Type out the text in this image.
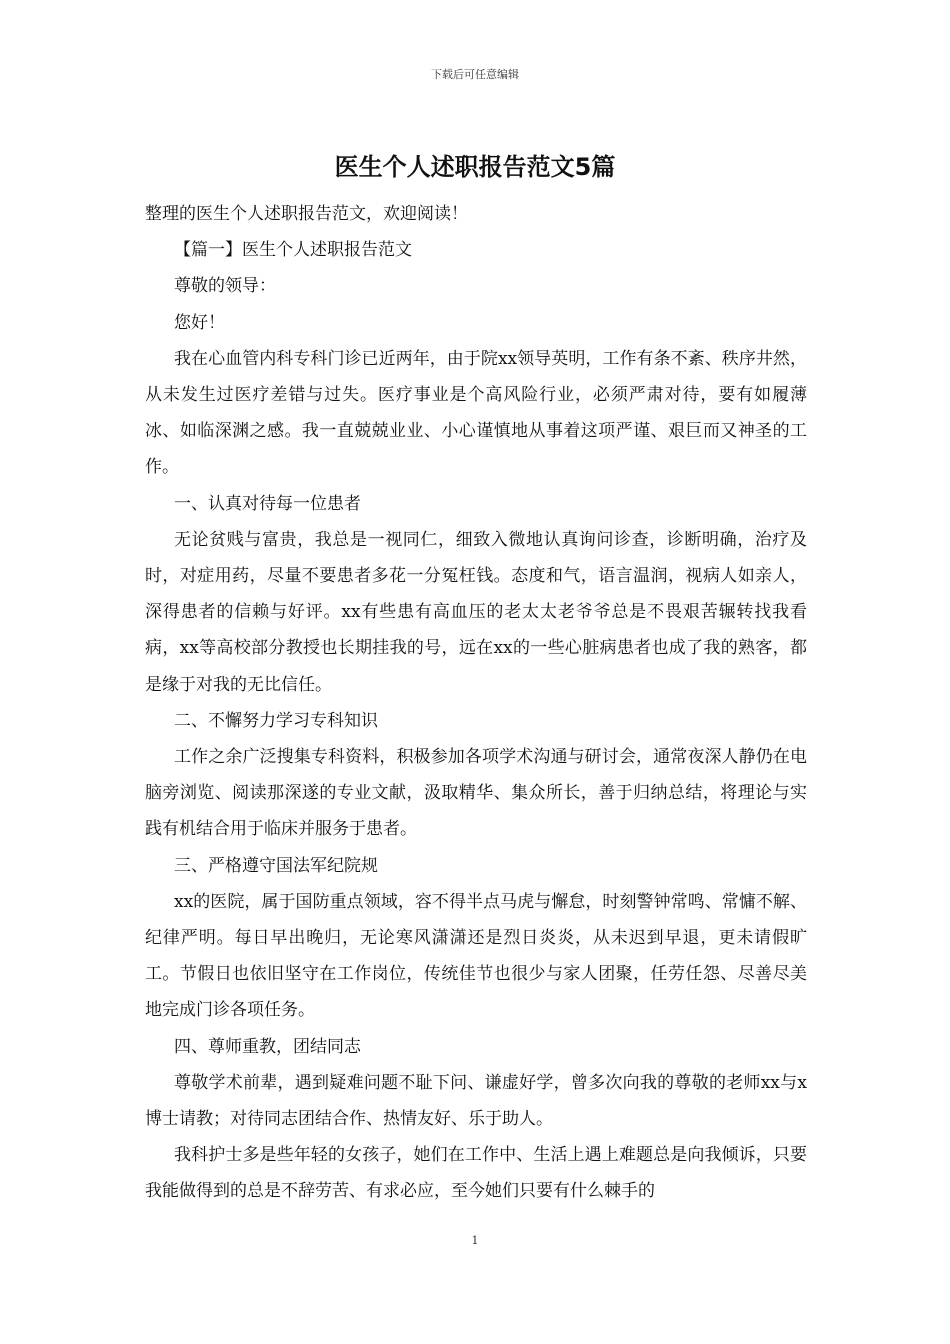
下载后可任意编辑
医生个人述职报告范文5篇

整理的医生个人述职报告范文，欢迎阅读！

【篇一】医生个人述职报告范文

尊敬的领导：

您好！

我在心血管内科专科门诊已近两年，由于院xx领导英明，工作有条不紊、秩序井然，从未发生过医疗差错与过失。医疗事业是个高风险行业，必须严肃对待，要有如履薄冰、如临深渊之感。我一直兢兢业业、小心谨慎地从事着这项严谨、艰巨而又神圣的工作。

一、认真对待每一位患者

无论贫贱与富贵，我总是一视同仁，细致入微地认真询问诊查，诊断明确，治疗及时，对症用药，尽量不要患者多花一分冤枉钱。态度和气，语言温润，视病人如亲人，深得患者的信赖与好评。xx有些患有高血压的老太太老爷爷总是不畏艰苦辗转找我看病，xx等高校部分教授也长期挂我的号，远在xx的一些心脏病患者也成了我的熟客，都是缘于对我的无比信任。

二、不懈努力学习专科知识

工作之余广泛搜集专科资料，积极参加各项学术沟通与研讨会，通常夜深人静仍在电脑旁浏览、阅读那深遂的专业文献，汲取精华、集众所长，善于归纳总结，将理论与实践有机结合用于临床并服务于患者。

三、严格遵守国法军纪院规

xx的医院，属于国防重点领域，容不得半点马虎与懈怠，时刻警钟常鸣、常慵不解、纪律严明。每日早出晚归，无论寒风潇潇还是烈日炎炎，从未迟到早退，更未请假旷工。节假日也依旧坚守在工作岗位，传统佳节也很少与家人团聚，任劳任怨、尽善尽美地完成门诊各项任务。

四、尊师重教，团结同志

尊敬学术前辈，遇到疑难问题不耻下问、谦虚好学，曾多次向我的尊敬的老师xx与x博士请教；对待同志团结合作、热情友好、乐于助人。

我科护士多是些年轻的女孩子，她们在工作中、生活上遇上难题总是向我倾诉，只要我能做得到的总是不辞劳苦、有求必应，至今她们只要有什么棘手的

1
